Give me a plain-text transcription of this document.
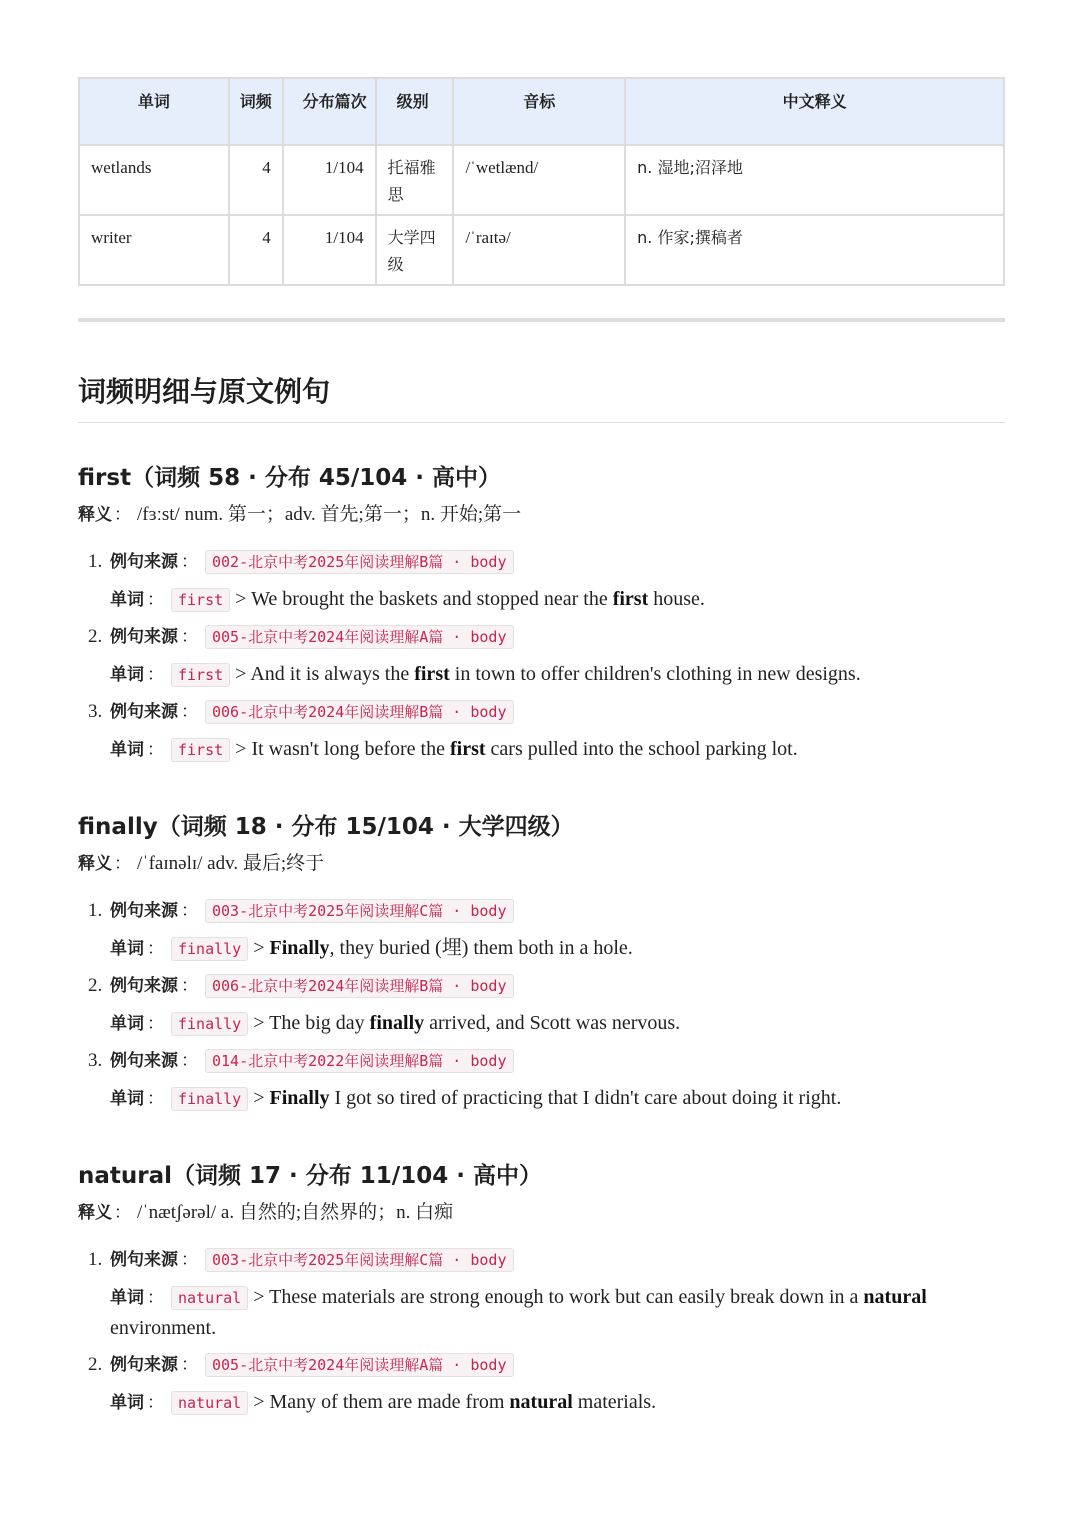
单词	词频	分布篇次	级别	音标	中文释义
wetlands	4	1/104	托福雅思	/ˈwetlænd/	n. 湿地;沼泽地
writer	4	1/104	大学四级	/ˈraɪtə/	n. 作家;撰稿者
词频明细与原文例句
first（词频 58 · 分布 45/104 · 高中）
释义 ： /fɜːst/ num. 第一；adv. 首先;第一；n. 开始;第一
1. 例句来源 ： 002-北京中考2025年阅读理解B篇 · body
单词 ： first > We brought the baskets and stopped near the first house.
2. 例句来源 ： 005-北京中考2024年阅读理解A篇 · body
单词 ： first > And it is always the first in town to offer children's clothing in new designs.
3. 例句来源 ： 006-北京中考2024年阅读理解B篇 · body
单词 ： first > It wasn't long before the first cars pulled into the school parking lot.
finally（词频 18 · 分布 15/104 · 大学四级）
释义 ： /ˈfaɪnəlɪ/ adv. 最后;终于
1. 例句来源 ： 003-北京中考2025年阅读理解C篇 · body
单词 ： finally > Finally, they buried (埋) them both in a hole.
2. 例句来源 ： 006-北京中考2024年阅读理解B篇 · body
单词 ： finally > The big day finally arrived, and Scott was nervous.
3. 例句来源 ： 014-北京中考2022年阅读理解B篇 · body
单词 ： finally > Finally I got so tired of practicing that I didn't care about doing it right.
natural（词频 17 · 分布 11/104 · 高中）
释义 ： /ˈnætʃərəl/ a. 自然的;自然界的；n. 白痴
1. 例句来源 ： 003-北京中考2025年阅读理解C篇 · body
单词 ： natural > These materials are strong enough to work but can easily break down in a natural environment.
2. 例句来源 ： 005-北京中考2024年阅读理解A篇 · body
单词 ： natural > Many of them are made from natural materials.
